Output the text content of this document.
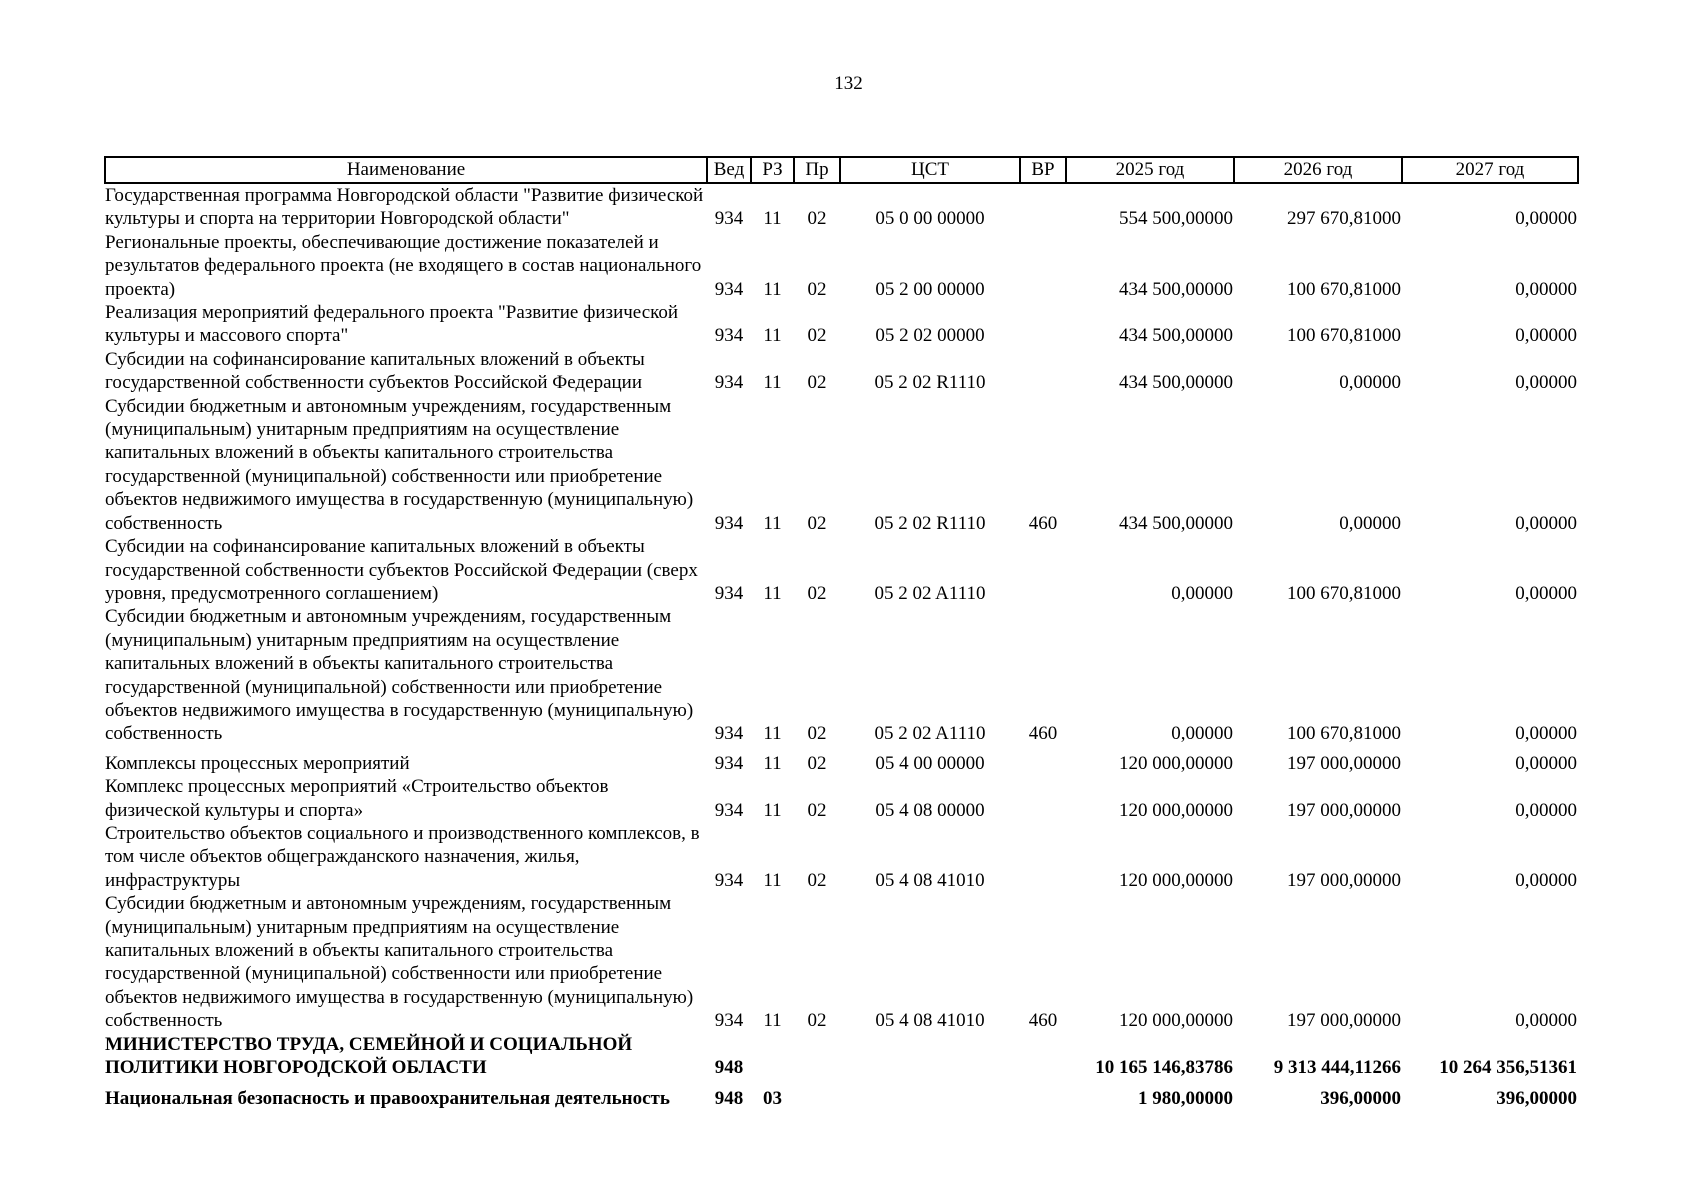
132
Наименование	Вед	РЗ	Пр	ЦСТ	ВР	2025 год	2026 год	2027 год
Государственная программа Новгородской области "Развитие физической культуры и спорта на территории Новгородской области"	934	11	02	05 0 00 00000		554 500,00000	297 670,81000	0,00000
Региональные проекты, обеспечивающие достижение показателей и результатов федерального проекта (не входящего в состав национального проекта)	934	11	02	05 2 00 00000		434 500,00000	100 670,81000	0,00000
Реализация мероприятий федерального проекта "Развитие физической культуры и массового спорта"	934	11	02	05 2 02 00000		434 500,00000	100 670,81000	0,00000
Субсидии на софинансирование капитальных вложений в объекты государственной собственности субъектов Российской Федерации	934	11	02	05 2 02 R1110		434 500,00000	0,00000	0,00000
Субсидии бюджетным и автономным учреждениям, государственным (муниципальным) унитарным предприятиям на осуществление капитальных вложений в объекты капитального строительства государственной (муниципальной) собственности или приобретение объектов недвижимого имущества в государственную (муниципальную) собственность	934	11	02	05 2 02 R1110	460	434 500,00000	0,00000	0,00000
Субсидии на софинансирование капитальных вложений в объекты государственной собственности субъектов Российской Федерации (сверх уровня, предусмотренного соглашением)	934	11	02	05 2 02 A1110		0,00000	100 670,81000	0,00000
Субсидии бюджетным и автономным учреждениям, государственным (муниципальным) унитарным предприятиям на осуществление капитальных вложений в объекты капитального строительства государственной (муниципальной) собственности или приобретение объектов недвижимого имущества в государственную (муниципальную) собственность	934	11	02	05 2 02 A1110	460	0,00000	100 670,81000	0,00000
Комплексы процессных мероприятий	934	11	02	05 4 00 00000		120 000,00000	197 000,00000	0,00000
Комплекс процессных мероприятий «Строительство объектов физической культуры и спорта»	934	11	02	05 4 08 00000		120 000,00000	197 000,00000	0,00000
Строительство объектов социального и производственного комплексов, в том числе объектов общегражданского назначения, жилья, инфраструктуры	934	11	02	05 4 08 41010		120 000,00000	197 000,00000	0,00000
Субсидии бюджетным и автономным учреждениям, государственным (муниципальным) унитарным предприятиям на осуществление капитальных вложений в объекты капитального строительства государственной (муниципальной) собственности или приобретение объектов недвижимого имущества в государственную (муниципальную) собственность	934	11	02	05 4 08 41010	460	120 000,00000	197 000,00000	0,00000
МИНИСТЕРСТВО ТРУДА, СЕМЕЙНОЙ И СОЦИАЛЬНОЙ ПОЛИТИКИ НОВГОРОДСКОЙ ОБЛАСТИ	948					10 165 146,83786	9 313 444,11266	10 264 356,51361
Национальная безопасность и правоохранительная деятельность	948	03				1 980,00000	396,00000	396,00000
